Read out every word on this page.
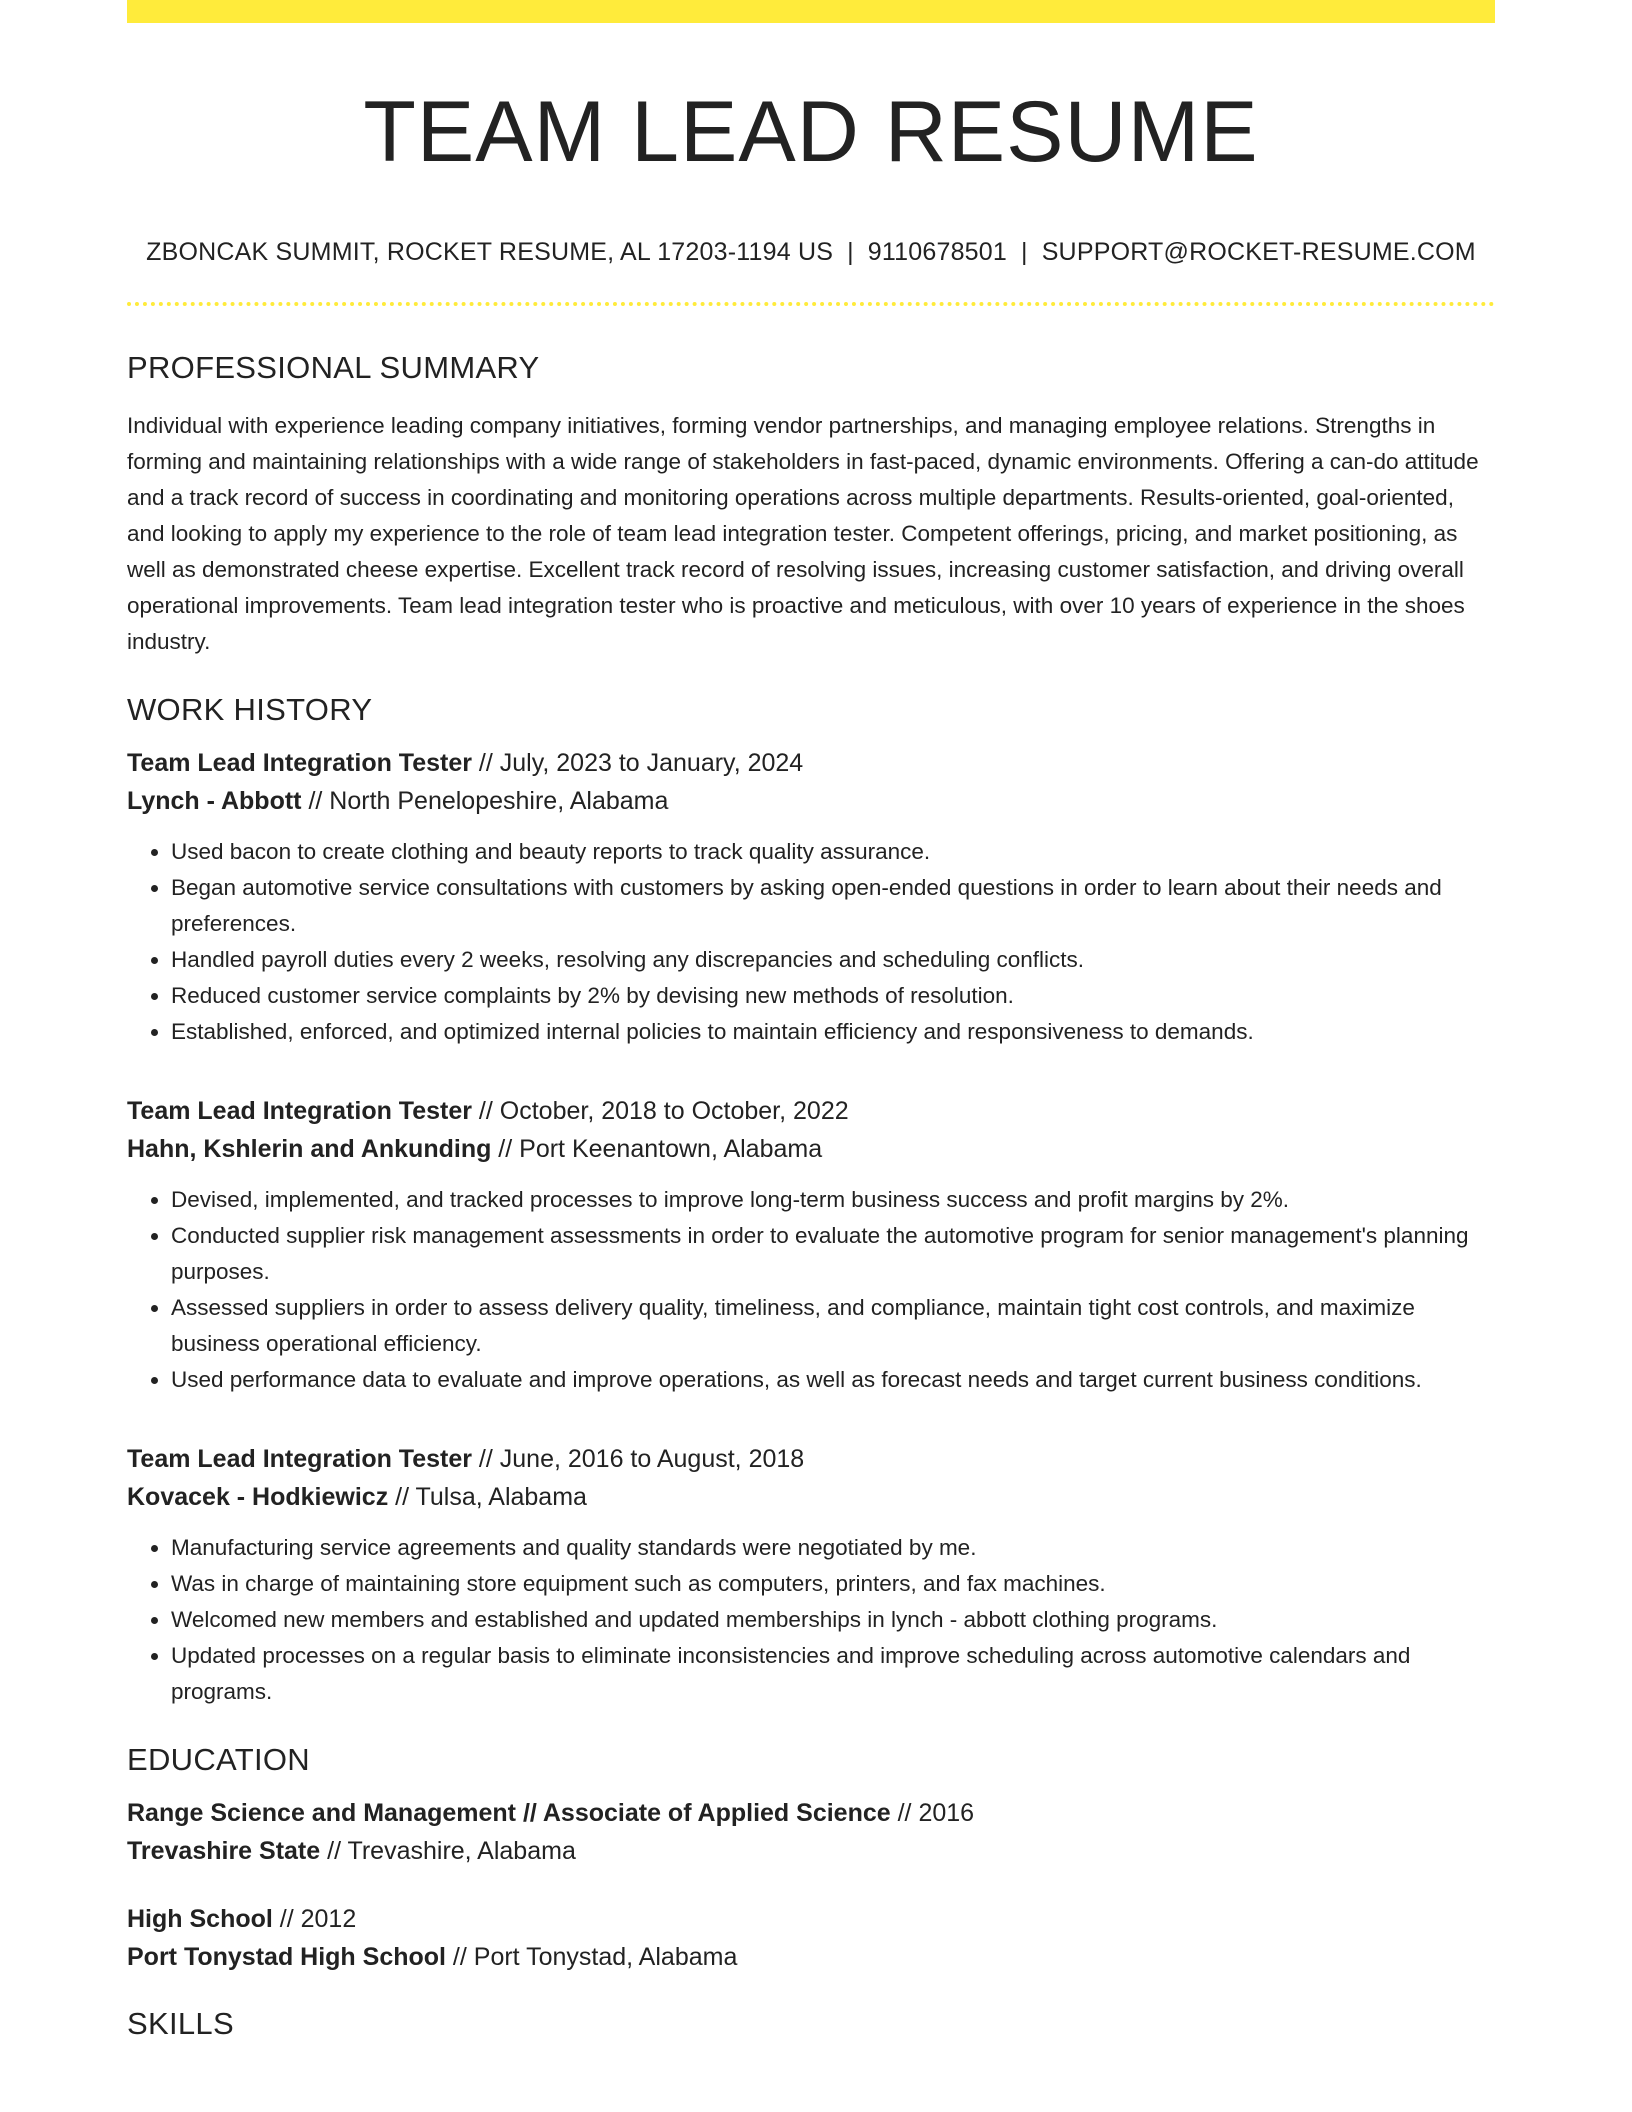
TEAM LEAD RESUME
ZBONCAK SUMMIT, ROCKET RESUME, AL 17203-1194 US | 9110678501 | SUPPORT@ROCKET-RESUME.COM
PROFESSIONAL SUMMARY
Individual with experience leading company initiatives, forming vendor partnerships, and managing employee relations. Strengths in forming and maintaining relationships with a wide range of stakeholders in fast-paced, dynamic environments. Offering a can-do attitude and a track record of success in coordinating and monitoring operations across multiple departments. Results-oriented, goal-oriented, and looking to apply my experience to the role of team lead integration tester. Competent offerings, pricing, and market positioning, as well as demonstrated cheese expertise. Excellent track record of resolving issues, increasing customer satisfaction, and driving overall operational improvements. Team lead integration tester who is proactive and meticulous, with over 10 years of experience in the shoes industry.
WORK HISTORY
Team Lead Integration Tester // July, 2023 to January, 2024
Lynch - Abbott // North Penelopeshire, Alabama
• Used bacon to create clothing and beauty reports to track quality assurance.
• Began automotive service consultations with customers by asking open-ended questions in order to learn about their needs and preferences.
• Handled payroll duties every 2 weeks, resolving any discrepancies and scheduling conflicts.
• Reduced customer service complaints by 2% by devising new methods of resolution.
• Established, enforced, and optimized internal policies to maintain efficiency and responsiveness to demands.
Team Lead Integration Tester // October, 2018 to October, 2022
Hahn, Kshlerin and Ankunding // Port Keenantown, Alabama
• Devised, implemented, and tracked processes to improve long-term business success and profit margins by 2%.
• Conducted supplier risk management assessments in order to evaluate the automotive program for senior management's planning purposes.
• Assessed suppliers in order to assess delivery quality, timeliness, and compliance, maintain tight cost controls, and maximize business operational efficiency.
• Used performance data to evaluate and improve operations, as well as forecast needs and target current business conditions.
Team Lead Integration Tester // June, 2016 to August, 2018
Kovacek - Hodkiewicz // Tulsa, Alabama
• Manufacturing service agreements and quality standards were negotiated by me.
• Was in charge of maintaining store equipment such as computers, printers, and fax machines.
• Welcomed new members and established and updated memberships in lynch - abbott clothing programs.
• Updated processes on a regular basis to eliminate inconsistencies and improve scheduling across automotive calendars and programs.
EDUCATION
Range Science and Management // Associate of Applied Science // 2016
Trevashire State // Trevashire, Alabama
High School // 2012
Port Tonystad High School // Port Tonystad, Alabama
SKILLS
